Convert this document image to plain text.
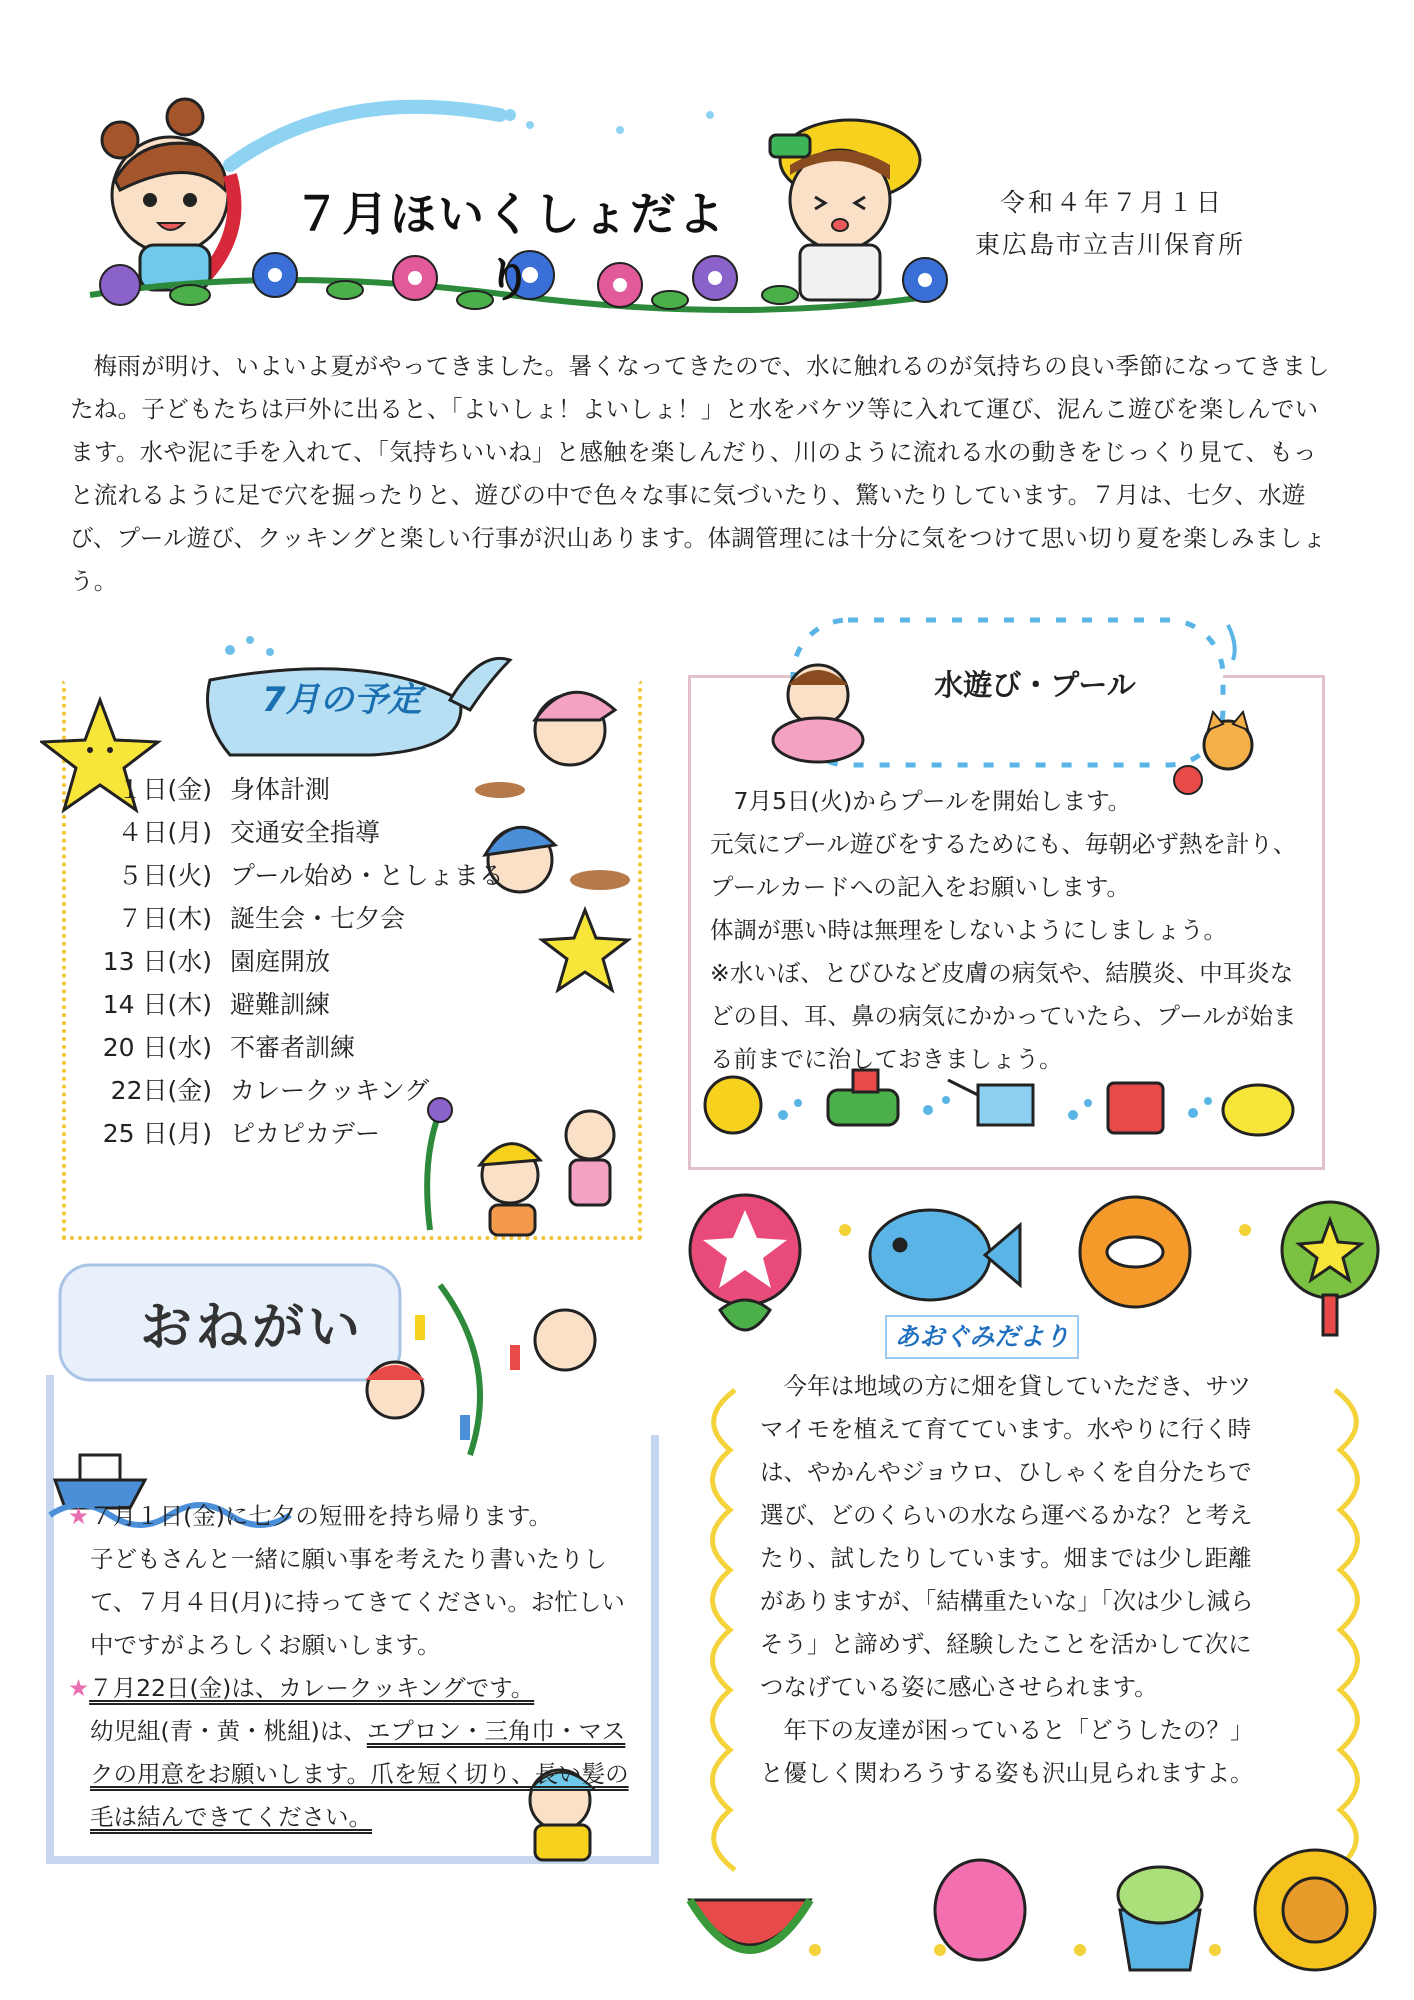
７月ほいくしょだより
令和４年７月１日
東広島市立吉川保育所

梅雨が明け、いよいよ夏がやってきました。暑くなってきたので、水に触れるのが気持ちの良い季節になってきましたね。子どもたちは戸外に出ると、「よいしょ！よいしょ！」と水をバケツ等に入れて運び、泥んこ遊びを楽しんでいます。水や泥に手を入れて、「気持ちいいね」と感触を楽しんだり、川のように流れる水の動きをじっくり見て、もっと流れるように足で穴を掘ったりと、遊びの中で色々な事に気づいたり、驚いたりしています。７月は、七夕、水遊び、プール遊び、クッキングと楽しい行事が沢山あります。体調管理には十分に気をつけて思い切り夏を楽しみましょう。

7月の予定
１日(金) 身体計測
４日(月) 交通安全指導
５日(火) プール始め・としょまる
７日(木) 誕生会・七夕会
13 日(水) 園庭開放
14 日(木) 避難訓練
20 日(水) 不審者訓練
22日(金) カレークッキング
25 日(月) ピカピカデー
水遊び・プール

7月5日(火)からプールを開始します。

元気にプール遊びをするためにも、毎朝必ず熱を計り、プールカードへの記入をお願いします。

体調が悪い時は無理をしないようにしましょう。

※水いぼ、とびひなど皮膚の病気や、結膜炎、中耳炎などの目、耳、鼻の病気にかかっていたら、プールが始まる前までに治しておきましょう。

おねがい

★７月１日(金)に七夕の短冊を持ち帰ります。

子どもさんと一緒に願い事を考えたり書いたりして、７月４日(月)に持ってきてください。お忙しい中ですがよろしくお願いします。

★７月22日(金)は、カレークッキングです。

幼児組(青・黄・桃組)は、エプロン・三角巾・マスクの用意をお願いします。爪を短く切り、長い髪の毛は結んできてください。

あおぐみだより

今年は地域の方に畑を貸していただき、サツマイモを植えて育てています。水やりに行く時は、やかんやジョウロ、ひしゃくを自分たちで選び、どのくらいの水なら運べるかな？と考えたり、試したりしています。畑までは少し距離がありますが、「結構重たいな」「次は少し減らそう」と諦めず、経験したことを活かして次につなげている姿に感心させられます。

年下の友達が困っていると「どうしたの？」と優しく関わろうする姿も沢山見られますよ。
